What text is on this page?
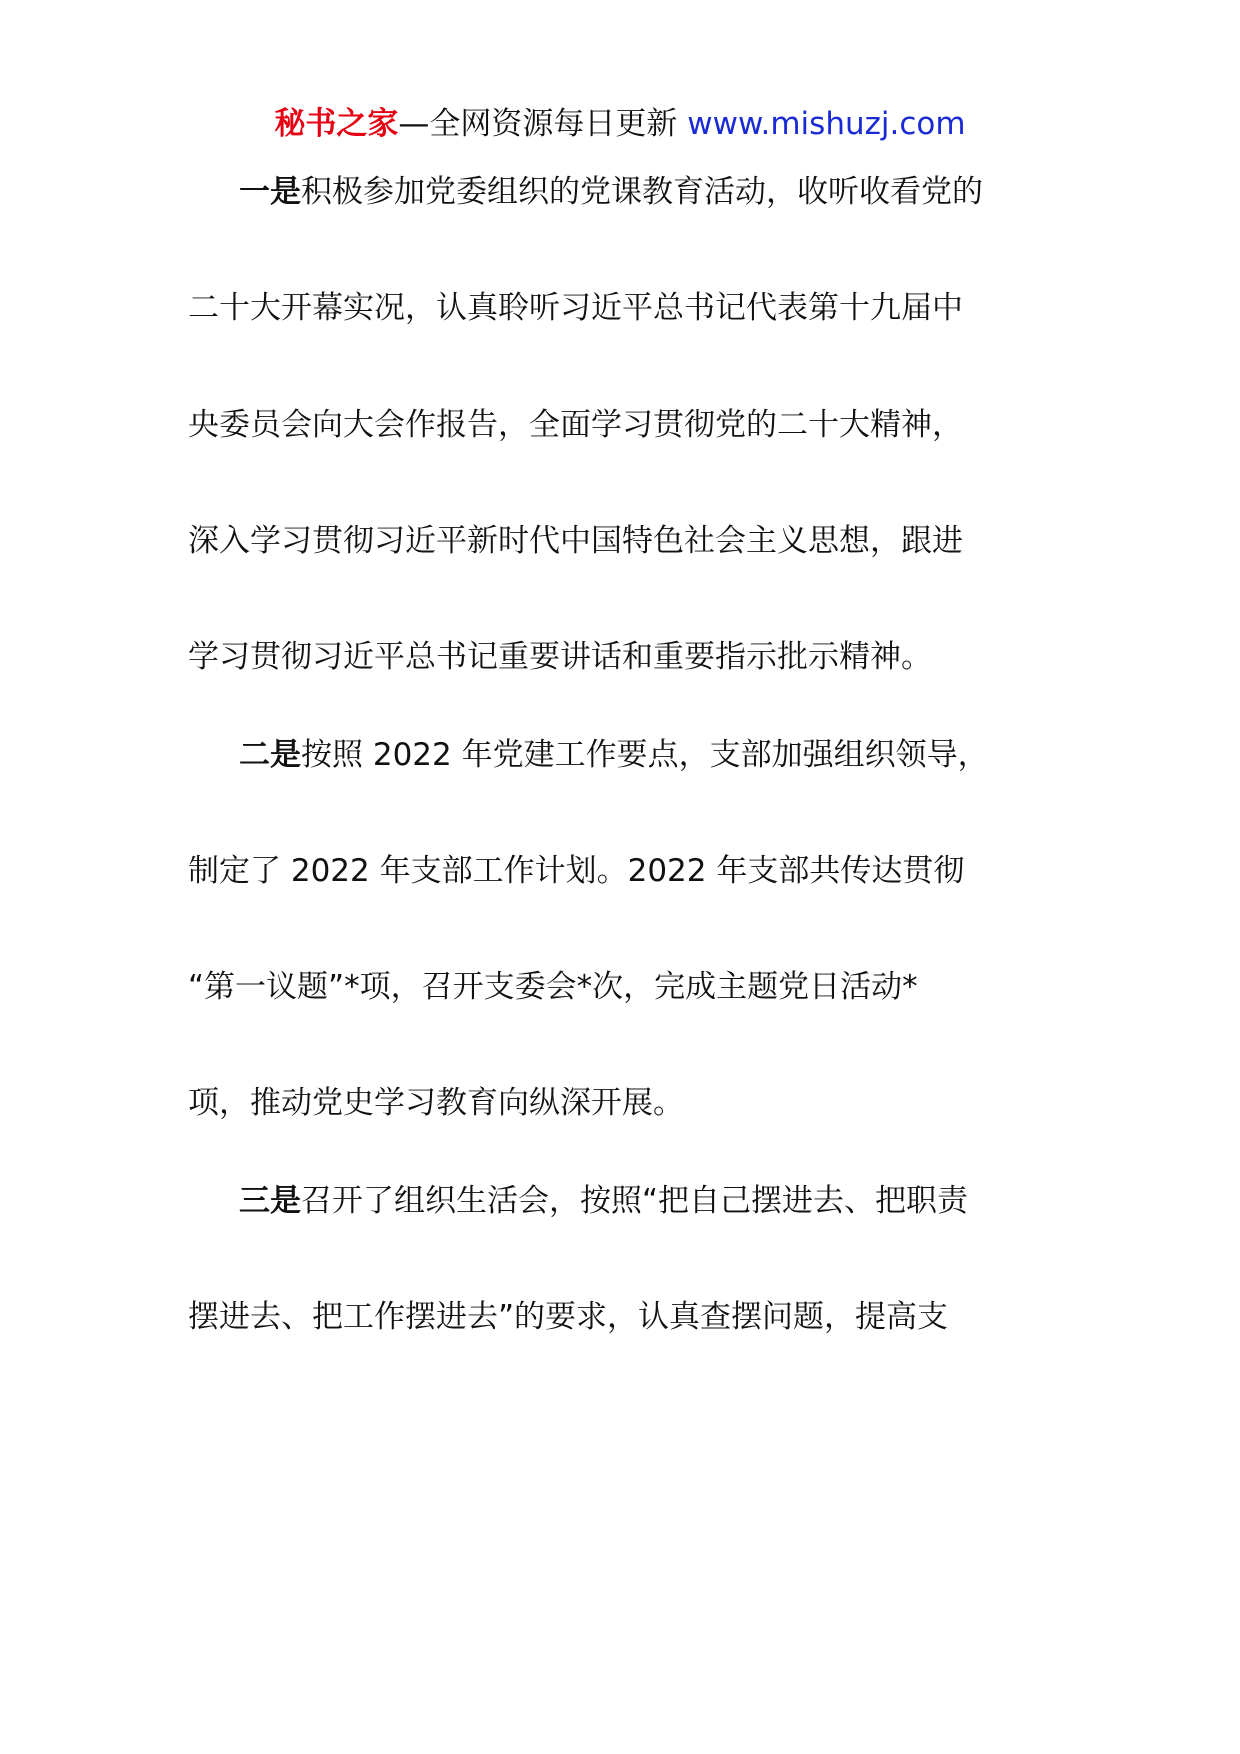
秘书之家—全网资源每日更新 www.mishuzj.com
一是积极参加党委组织的党课教育活动，收听收看党的
二十大开幕实况，认真聆听习近平总书记代表第十九届中
央委员会向大会作报告，全面学习贯彻党的二十大精神，
深入学习贯彻习近平新时代中国特色社会主义思想，跟进
学习贯彻习近平总书记重要讲话和重要指示批示精神。
二是按照 2022 年党建工作要点，支部加强组织领导，
制定了 2022 年支部工作计划。2022 年支部共传达贯彻
“第一议题”*项，召开支委会*次，完成主题党日活动*
项，推动党史学习教育向纵深开展。
三是召开了组织生活会，按照“把自己摆进去、把职责
摆进去、把工作摆进去”的要求，认真查摆问题，提高支
